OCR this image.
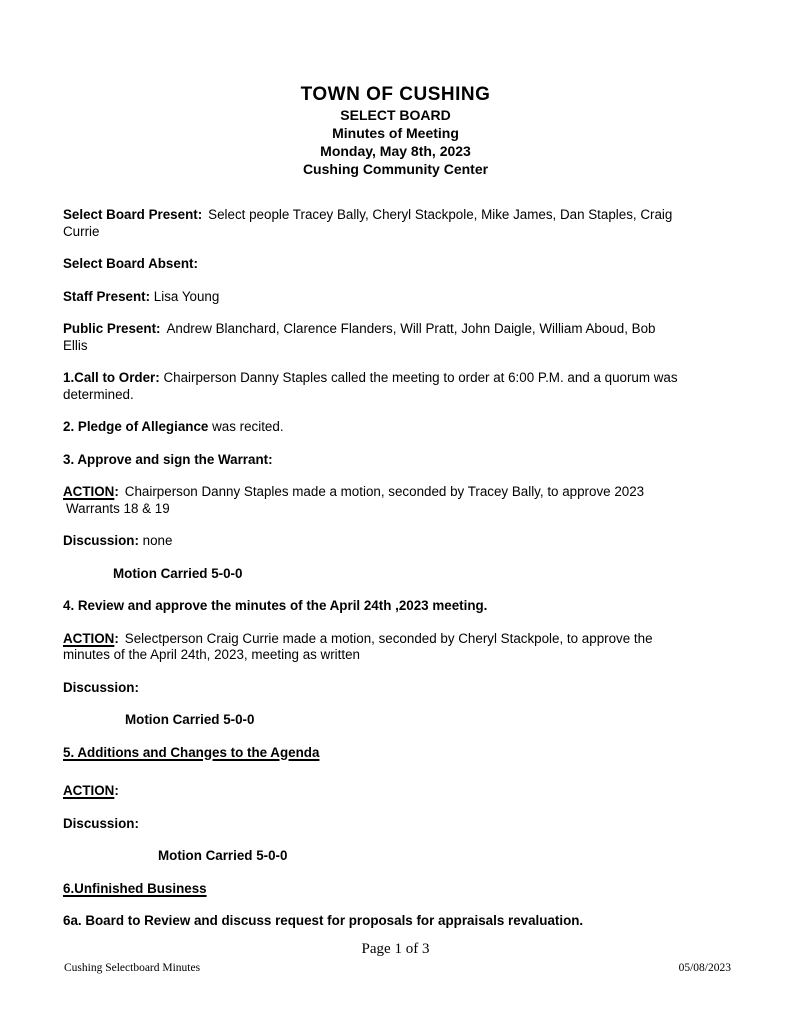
TOWN OF CUSHING
SELECT BOARD
Minutes of Meeting
Monday, May 8th, 2023
Cushing Community Center

Select Board Present: Select people Tracey Bally, Cheryl Stackpole, Mike James, Dan Staples, Craig
Currie

Select Board Absent:

Staff Present: Lisa Young

Public Present: Andrew Blanchard, Clarence Flanders, Will Pratt, John Daigle, William Aboud, Bob
Ellis

1.Call to Order: Chairperson Danny Staples called the meeting to order at 6:00 P.M. and a quorum was
determined.

2. Pledge of Allegiance was recited.

3. Approve and sign the Warrant:

ACTION: Chairperson Danny Staples made a motion, seconded by Tracey Bally, to approve 2023
Warrants 18 & 19

Discussion: none

Motion Carried 5-0-0

4. Review and approve the minutes of the April 24th ,2023 meeting.

ACTION: Selectperson Craig Currie made a motion, seconded by Cheryl Stackpole, to approve the
minutes of the April 24th, 2023, meeting as written

Discussion:

Motion Carried 5-0-0

5. Additions and Changes to the Agenda

ACTION:

Discussion:

Motion Carried 5-0-0

6.Unfinished Business

6a. Board to Review and discuss request for proposals for appraisals revaluation.

Page 1 of 3
Cushing Selectboard Minutes	05/08/2023
